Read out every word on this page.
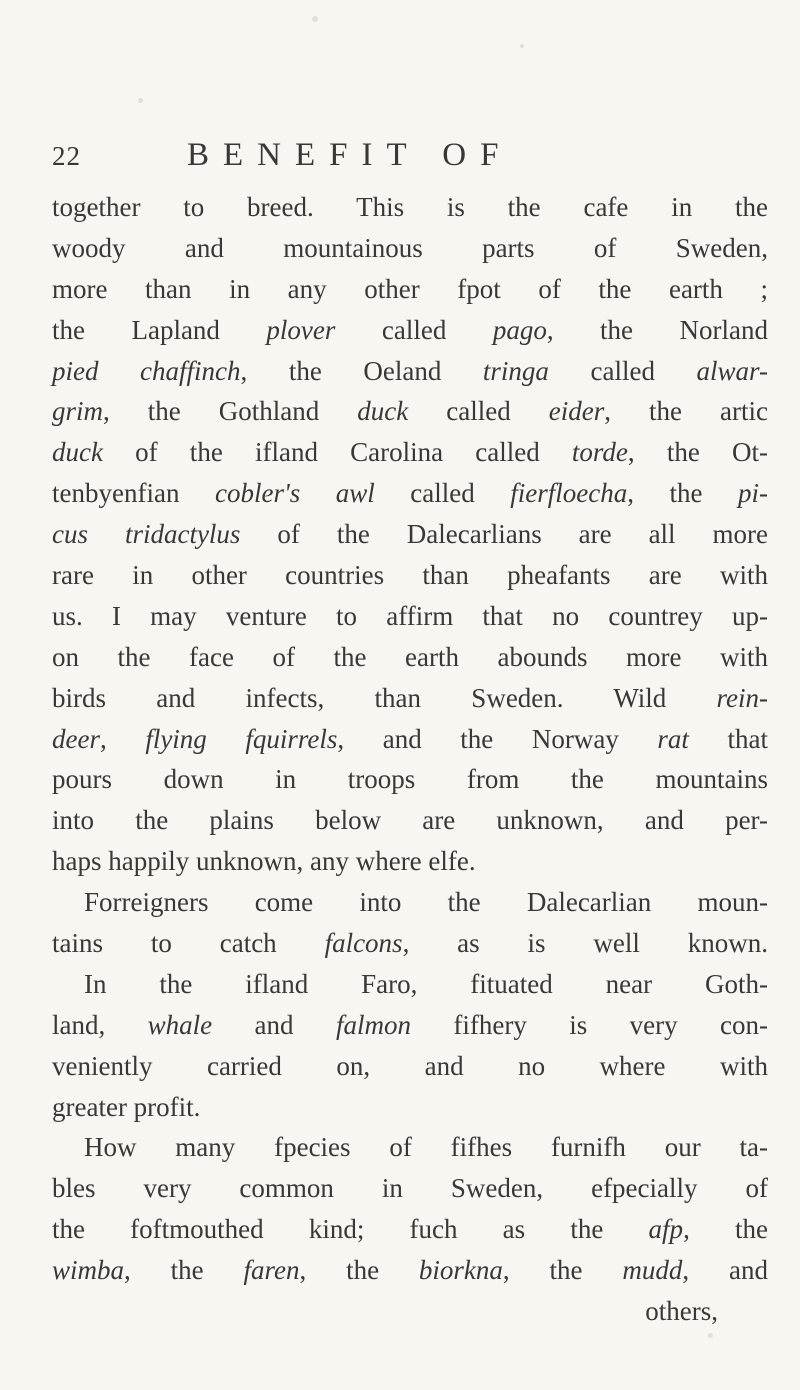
22	BENEFIT OF
together to breed. This is the cafe in the
woody and mountainous parts of Sweden,
more than in any other fpot of the earth ;
the Lapland plover called pago, the Norland
pied chaffinch, the Oeland tringa called alwar-
grim, the Gothland duck called eider, the artic
duck of the ifland Carolina called torde, the Ot-
tenbyenfian cobler's awl called fierfloecha, the pi-
cus tridactylus of the Dalecarlians are all more
rare in other countries than pheafants are with
us. I may venture to affirm that no countrey up-
on the face of the earth abounds more with
birds and infects, than Sweden. Wild rein-
deer, flying fquirrels, and the Norway rat that
pours down in troops from the mountains
into the plains below are unknown, and per-
haps happily unknown, any where elfe.
Forreigners come into the Dalecarlian moun-
tains to catch falcons, as is well known.
In the ifland Faro, fituated near Goth-
land, whale and falmon fifhery is very con-
veniently carried on, and no where with
greater profit.
How many fpecies of fifhes furnifh our ta-
bles very common in Sweden, efpecially of
the foftmouthed kind; fuch as the afp, the
wimba, the faren, the biorkna, the mudd, and
others,
